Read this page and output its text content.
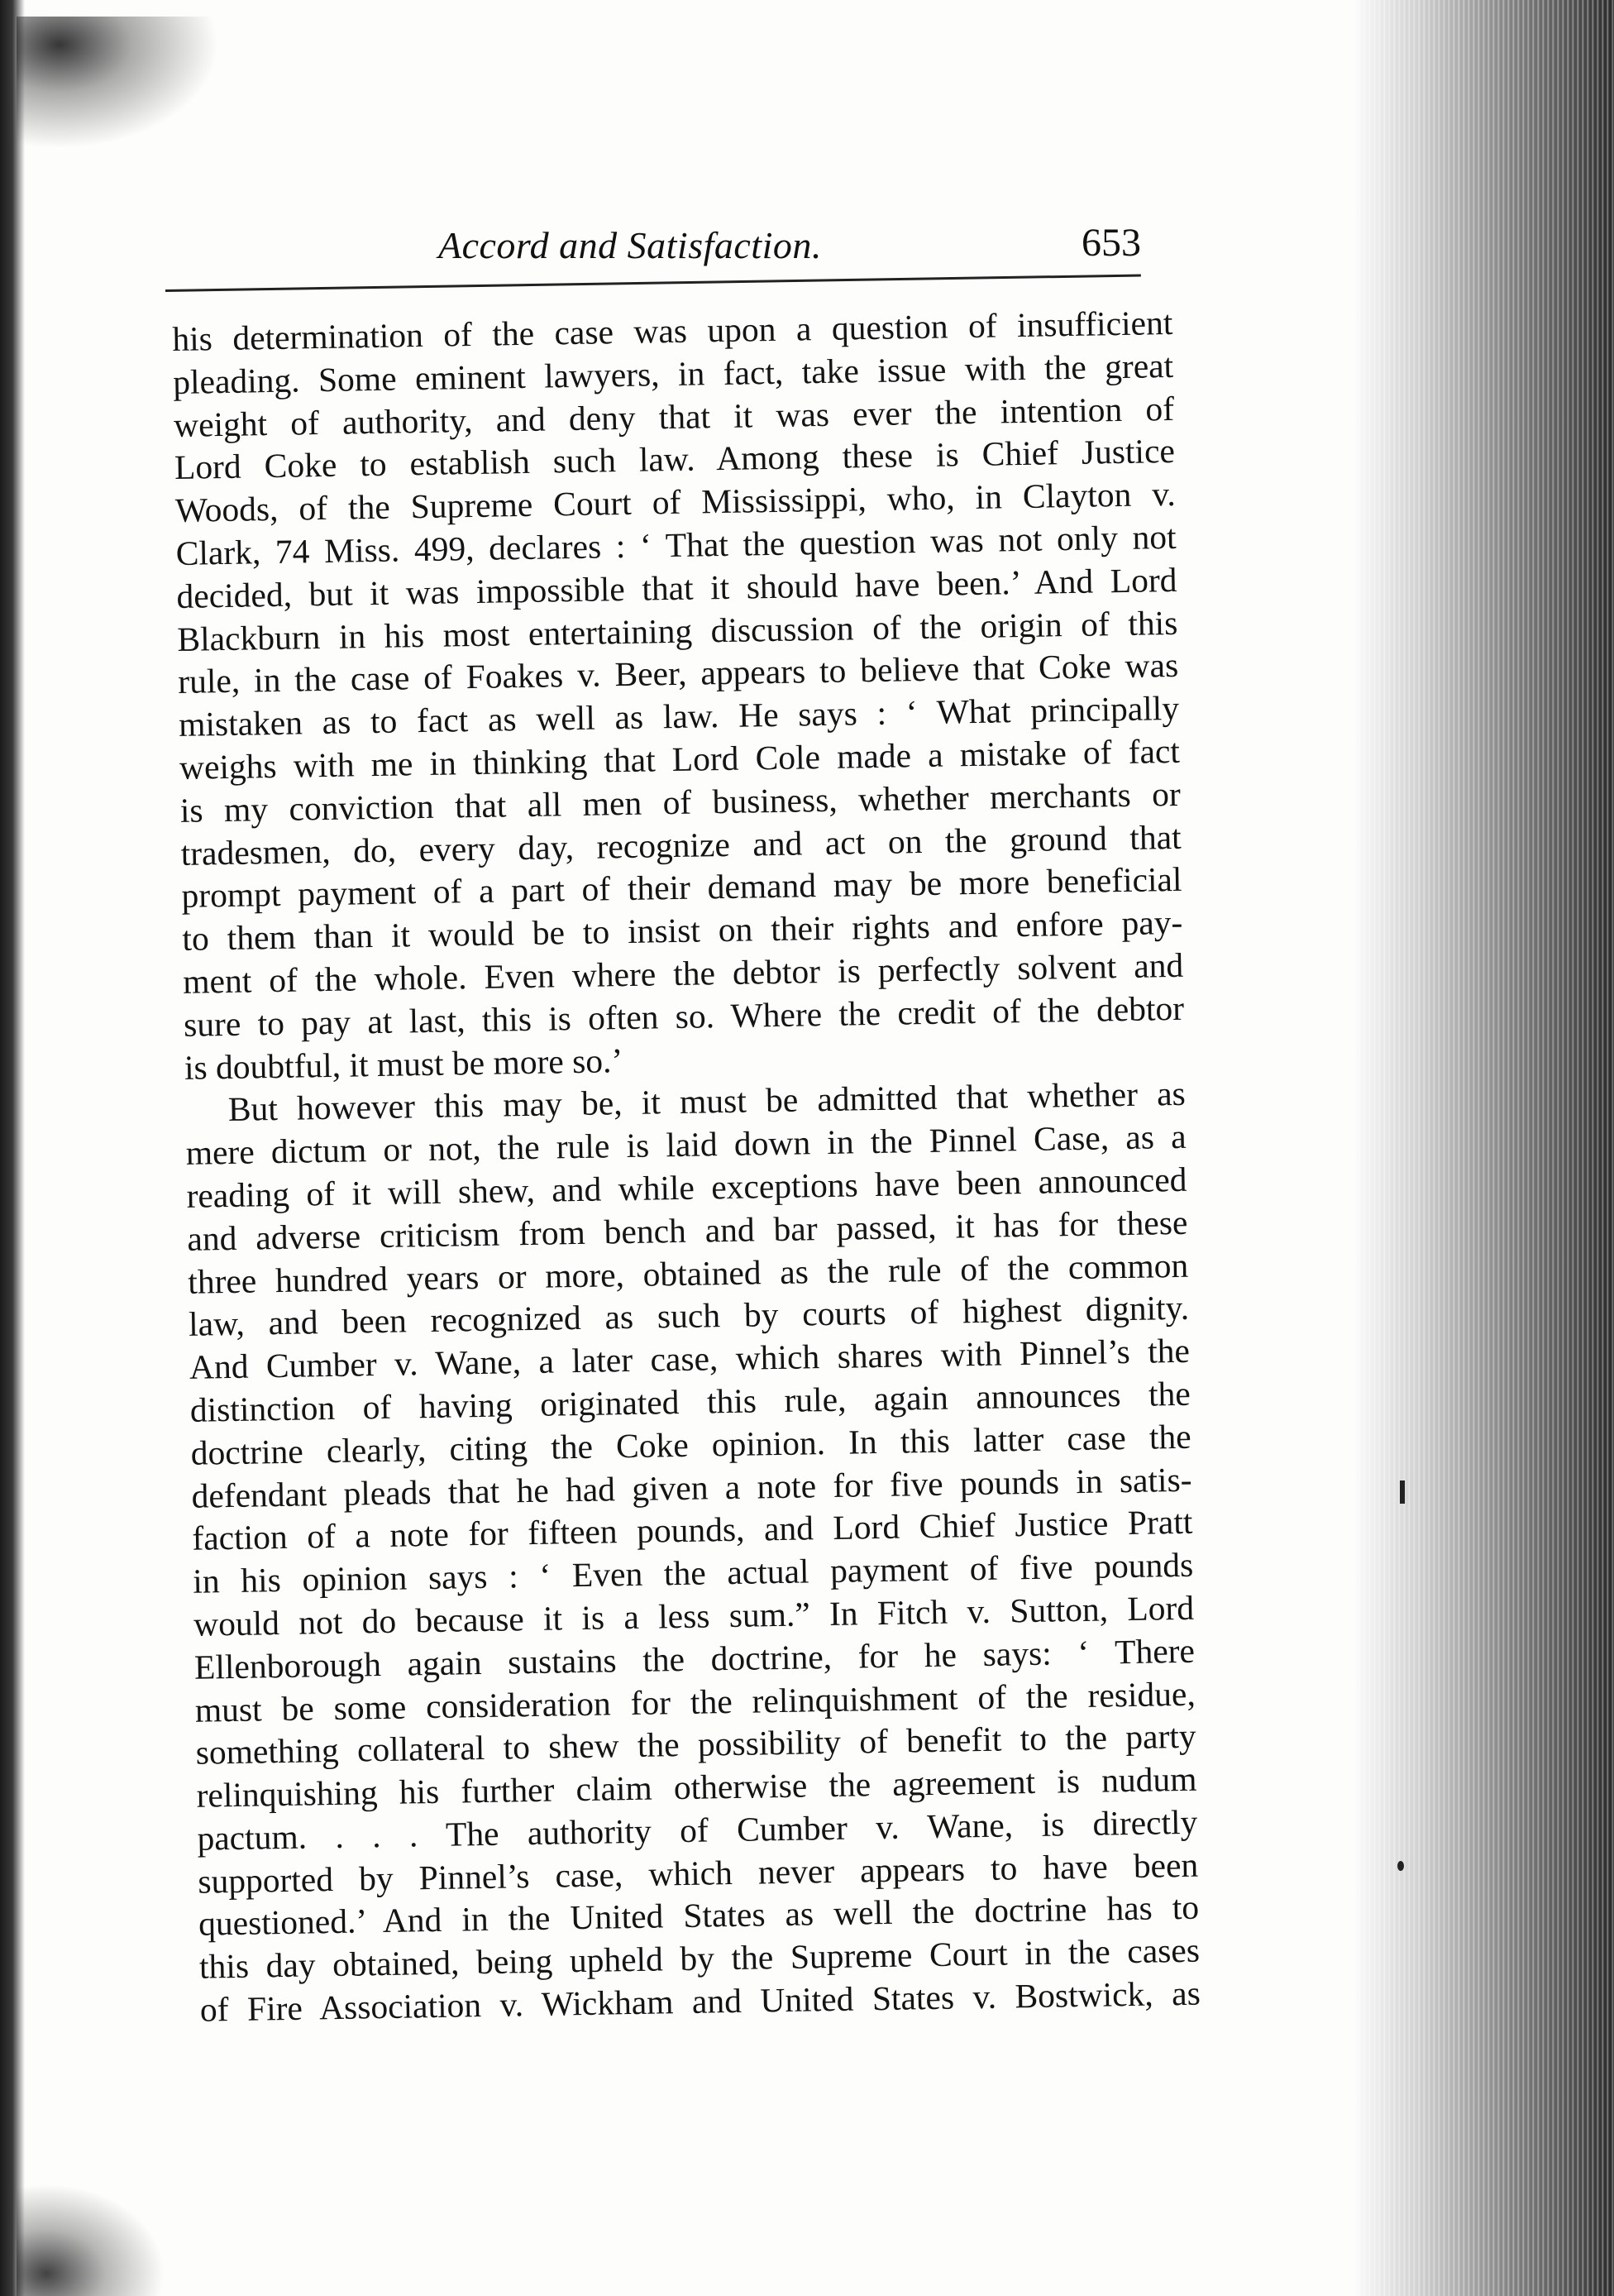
Accord and Satisfaction.	653
his determination of the case was upon a question of insufficient
pleading. Some eminent lawyers, in fact, take issue with the great
weight of authority, and deny that it was ever the intention of
Lord Coke to establish such law. Among these is Chief Justice
Woods, of the Supreme Court of Mississippi, who, in Clayton v.
Clark, 74 Miss. 499, declares : ‘ That the question was not only not
decided, but it was impossible that it should have been.’ And Lord
Blackburn in his most entertaining discussion of the origin of this
rule, in the case of Foakes v. Beer, appears to believe that Coke was
mistaken as to fact as well as law. He says : ‘ What principally
weighs with me in thinking that Lord Cole made a mistake of fact
is my conviction that all men of business, whether merchants or
tradesmen, do, every day, recognize and act on the ground that
prompt payment of a part of their demand may be more beneficial
to them than it would be to insist on their rights and enfore pay-
ment of the whole. Even where the debtor is perfectly solvent and
sure to pay at last, this is often so. Where the credit of the debtor
is doubtful, it must be more so.’
But however this may be, it must be admitted that whether as
mere dictum or not, the rule is laid down in the Pinnel Case, as a
reading of it will shew, and while exceptions have been announced
and adverse criticism from bench and bar passed, it has for these
three hundred years or more, obtained as the rule of the common
law, and been recognized as such by courts of highest dignity.
And Cumber v. Wane, a later case, which shares with Pinnel’s the
distinction of having originated this rule, again announces the
doctrine clearly, citing the Coke opinion. In this latter case the
defendant pleads that he had given a note for five pounds in satis-
faction of a note for fifteen pounds, and Lord Chief Justice Pratt
in his opinion says : ‘ Even the actual payment of five pounds
would not do because it is a less sum.” In Fitch v. Sutton, Lord
Ellenborough again sustains the doctrine, for he says: ‘ There
must be some consideration for the relinquishment of the residue,
something collateral to shew the possibility of benefit to the party
relinquishing his further claim otherwise the agreement is nudum
pactum. . . . The authority of Cumber v. Wane, is directly
supported by Pinnel’s case, which never appears to have been
questioned.’ And in the United States as well the doctrine has to
this day obtained, being upheld by the Supreme Court in the cases
of Fire Association v. Wickham and United States v. Bostwick, as
